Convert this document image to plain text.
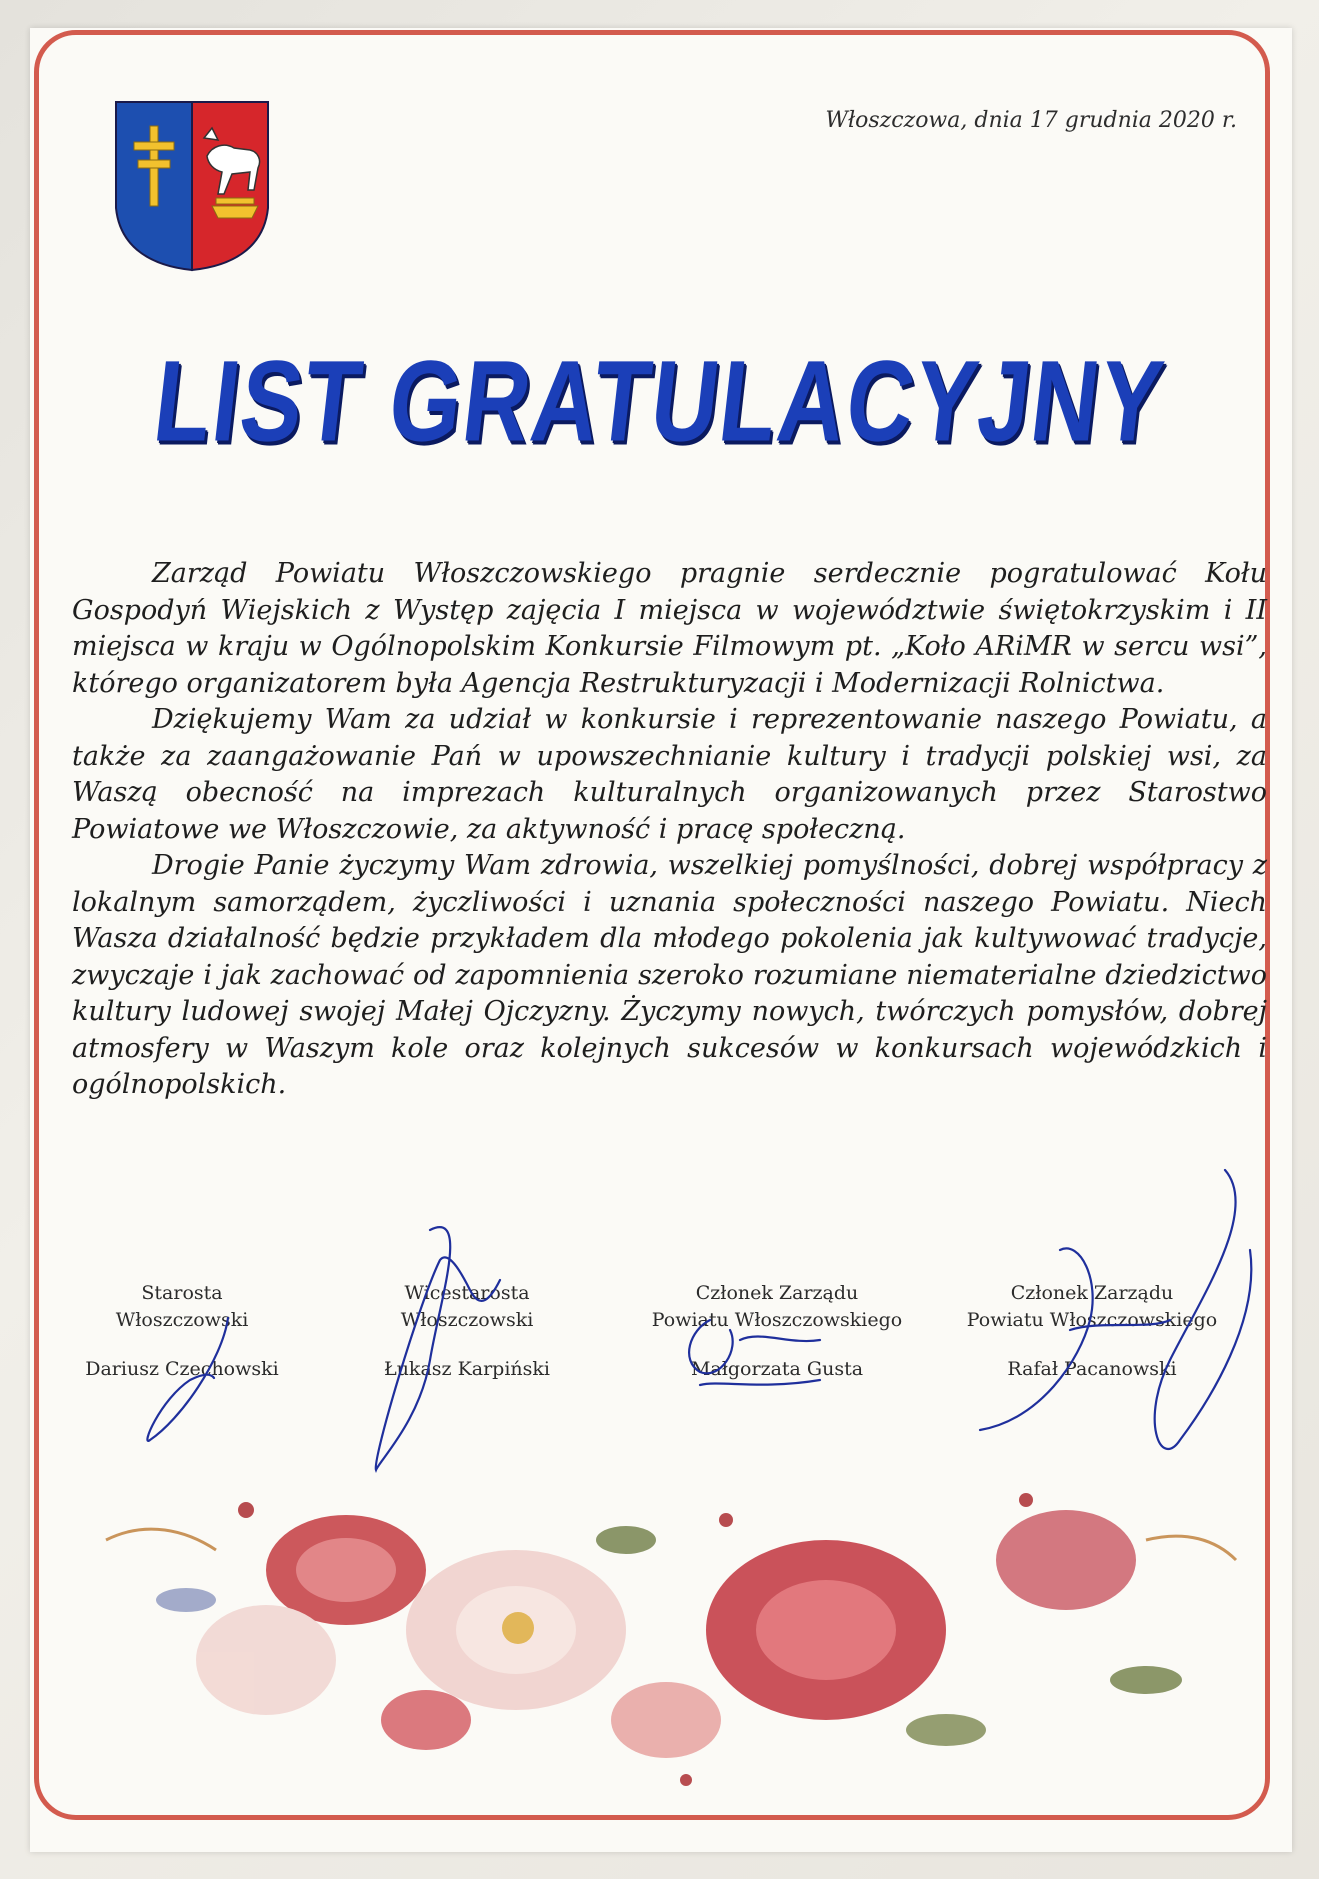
Włoszczowa, dnia 17 grudnia 2020 r.
LIST GRATULACYJNY

Zarząd Powiatu Włoszczowskiego pragnie serdecznie pogratulować Kołu Gospodyń Wiejskich z Występ zajęcia I miejsca w województwie świętokrzyskim i II miejsca w kraju w Ogólnopolskim Konkursie Filmowym pt. „Koło ARiMR w sercu wsi”, którego organizatorem była Agencja Restrukturyzacji i Modernizacji Rolnictwa.

Dziękujemy Wam za udział w konkursie i reprezentowanie naszego Powiatu, a także za zaangażowanie Pań w upowszechnianie kultury i tradycji polskiej wsi, za Waszą obecność na imprezach kulturalnych organizowanych przez Starostwo Powiatowe we Włoszczowie, za aktywność i pracę społeczną.

Drogie Panie życzymy Wam zdrowia, wszelkiej pomyślności, dobrej współpracy z lokalnym samorządem, życzliwości i uznania społeczności naszego Powiatu. Niech Wasza działalność będzie przykładem dla młodego pokolenia jak kultywować tradycje, zwyczaje i jak zachować od zapomnienia szeroko rozumiane niematerialne dziedzictwo kultury ludowej swojej Małej Ojczyzny. Życzymy nowych, twórczych pomysłów, dobrej atmosfery w Waszym kole oraz kolejnych sukcesów w konkursach wojewódzkich i ogólnopolskich.

Starosta
Włoszczowski
Dariusz Czechowski
Wicestarosta
Włoszczowski
Łukasz Karpiński
Członek Zarządu
Powiatu Włoszczowskiego
Małgorzata Gusta
Członek Zarządu
Powiatu Włoszczowskiego
Rafał Pacanowski
